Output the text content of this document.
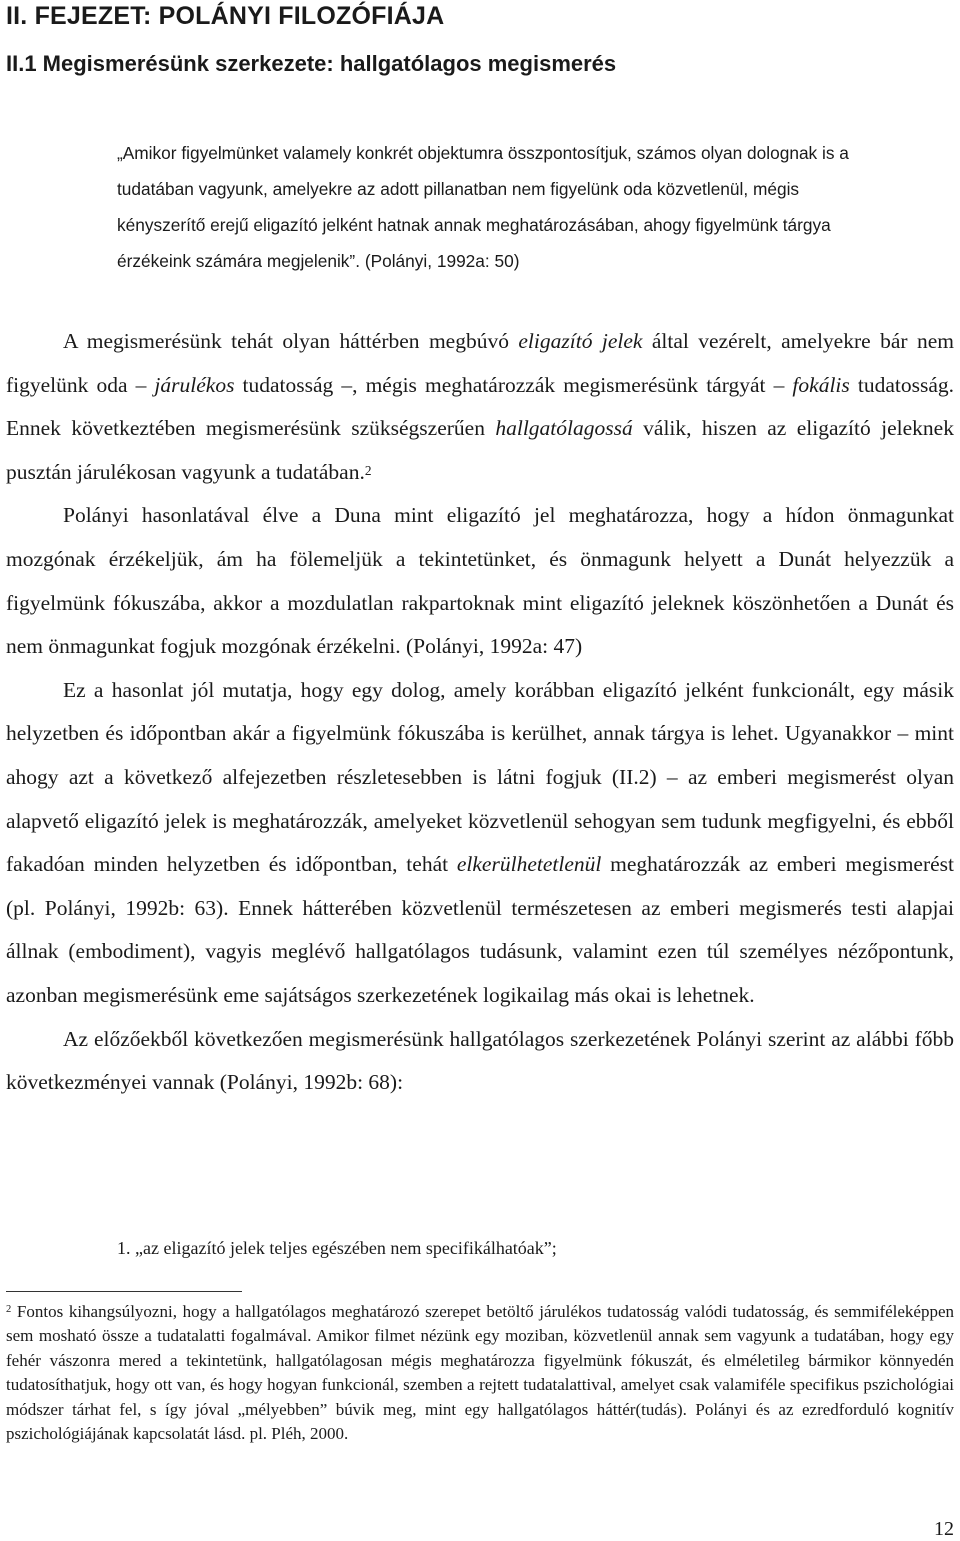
II. FEJEZET: POLÁNYI FILOZÓFIÁJA
II.1 Megismerésünk szerkezete: hallgatólagos megismerés

„Amikor figyelmünket valamely konkrét objektumra összpontosítjuk, számos olyan dolognak is a tudatában vagyunk, amelyekre az adott pillanatban nem figyelünk oda közvetlenül, mégis kényszerítő erejű eligazító jelként hatnak annak meghatározásában, ahogy figyelmünk tárgya érzékeink számára megjelenik”. (Polányi, 1992a: 50)

A megismerésünk tehát olyan háttérben megbúvó eligazító jelek által vezérelt, amelyekre bár nem figyelünk oda – járulékos tudatosság –, mégis meghatározzák megismerésünk tárgyát – fokális tudatosság. Ennek következtében megismerésünk szükségszerűen hallgatólagossá válik, hiszen az eligazító jeleknek pusztán járulékosan vagyunk a tudatában.$^2$

Polányi hasonlatával élve a Duna mint eligazító jel meghatározza, hogy a hídon önmagunkat mozgónak érzékeljük, ám ha fölemeljük a tekintetünket, és önmagunk helyett a Dunát helyezzük a figyelmünk fókuszába, akkor a mozdulatlan rakpartoknak mint eligazító jeleknek köszönhetően a Dunát és nem önmagunkat fogjuk mozgónak érzékelni. (Polányi, 1992a: 47)

Ez a hasonlat jól mutatja, hogy egy dolog, amely korábban eligazító jelként funkcionált, egy másik helyzetben és időpontban akár a figyelmünk fókuszába is kerülhet, annak tárgya is lehet. Ugyanakkor – mint ahogy azt a következő alfejezetben részletesebben is látni fogjuk (II.2) – az emberi megismerést olyan alapvető eligazító jelek is meghatározzák, amelyeket közvetlenül sehogyan sem tudunk megfigyelni, és ebből fakadóan minden helyzetben és időpontban, tehát elkerülhetetlenül meghatározzák az emberi megismerést (pl. Polányi, 1992b: 63). Ennek hátterében közvetlenül természetesen az emberi megismerés testi alapjai állnak (embodiment), vagyis meglévő hallgatólagos tudásunk, valamint ezen túl személyes nézőpontunk, azonban megismerésünk eme sajátságos szerkezetének logikailag más okai is lehetnek.

Az előzőekből következően megismerésünk hallgatólagos szerkezetének Polányi szerint az alábbi főbb következményei vannak (Polányi, 1992b: 68):

1. „az eligazító jelek teljes egészében nem specifikálhatóak”;

$^2$ Fontos kihangsúlyozni, hogy a hallgatólagos meghatározó szerepet betöltő járulékos tudatosság valódi tudatosság, és semmiféleképpen sem mosható össze a tudatalatti fogalmával. Amikor filmet nézünk egy moziban, közvetlenül annak sem vagyunk a tudatában, hogy egy fehér vászonra mered a tekintetünk, hallgatólagosan mégis meghatározza figyelmünk fókuszát, és elméletileg bármikor könnyedén tudatosíthatjuk, hogy ott van, és hogy hogyan funkcionál, szemben a rejtett tudatalattival, amelyet csak valamiféle specifikus pszichológiai módszer tárhat fel, s így jóval „mélyebben” búvik meg, mint egy hallgatólagos háttér(tudás). Polányi és az ezredforduló kognitív pszichológiájának kapcsolatát lásd. pl. Pléh, 2000.

12
